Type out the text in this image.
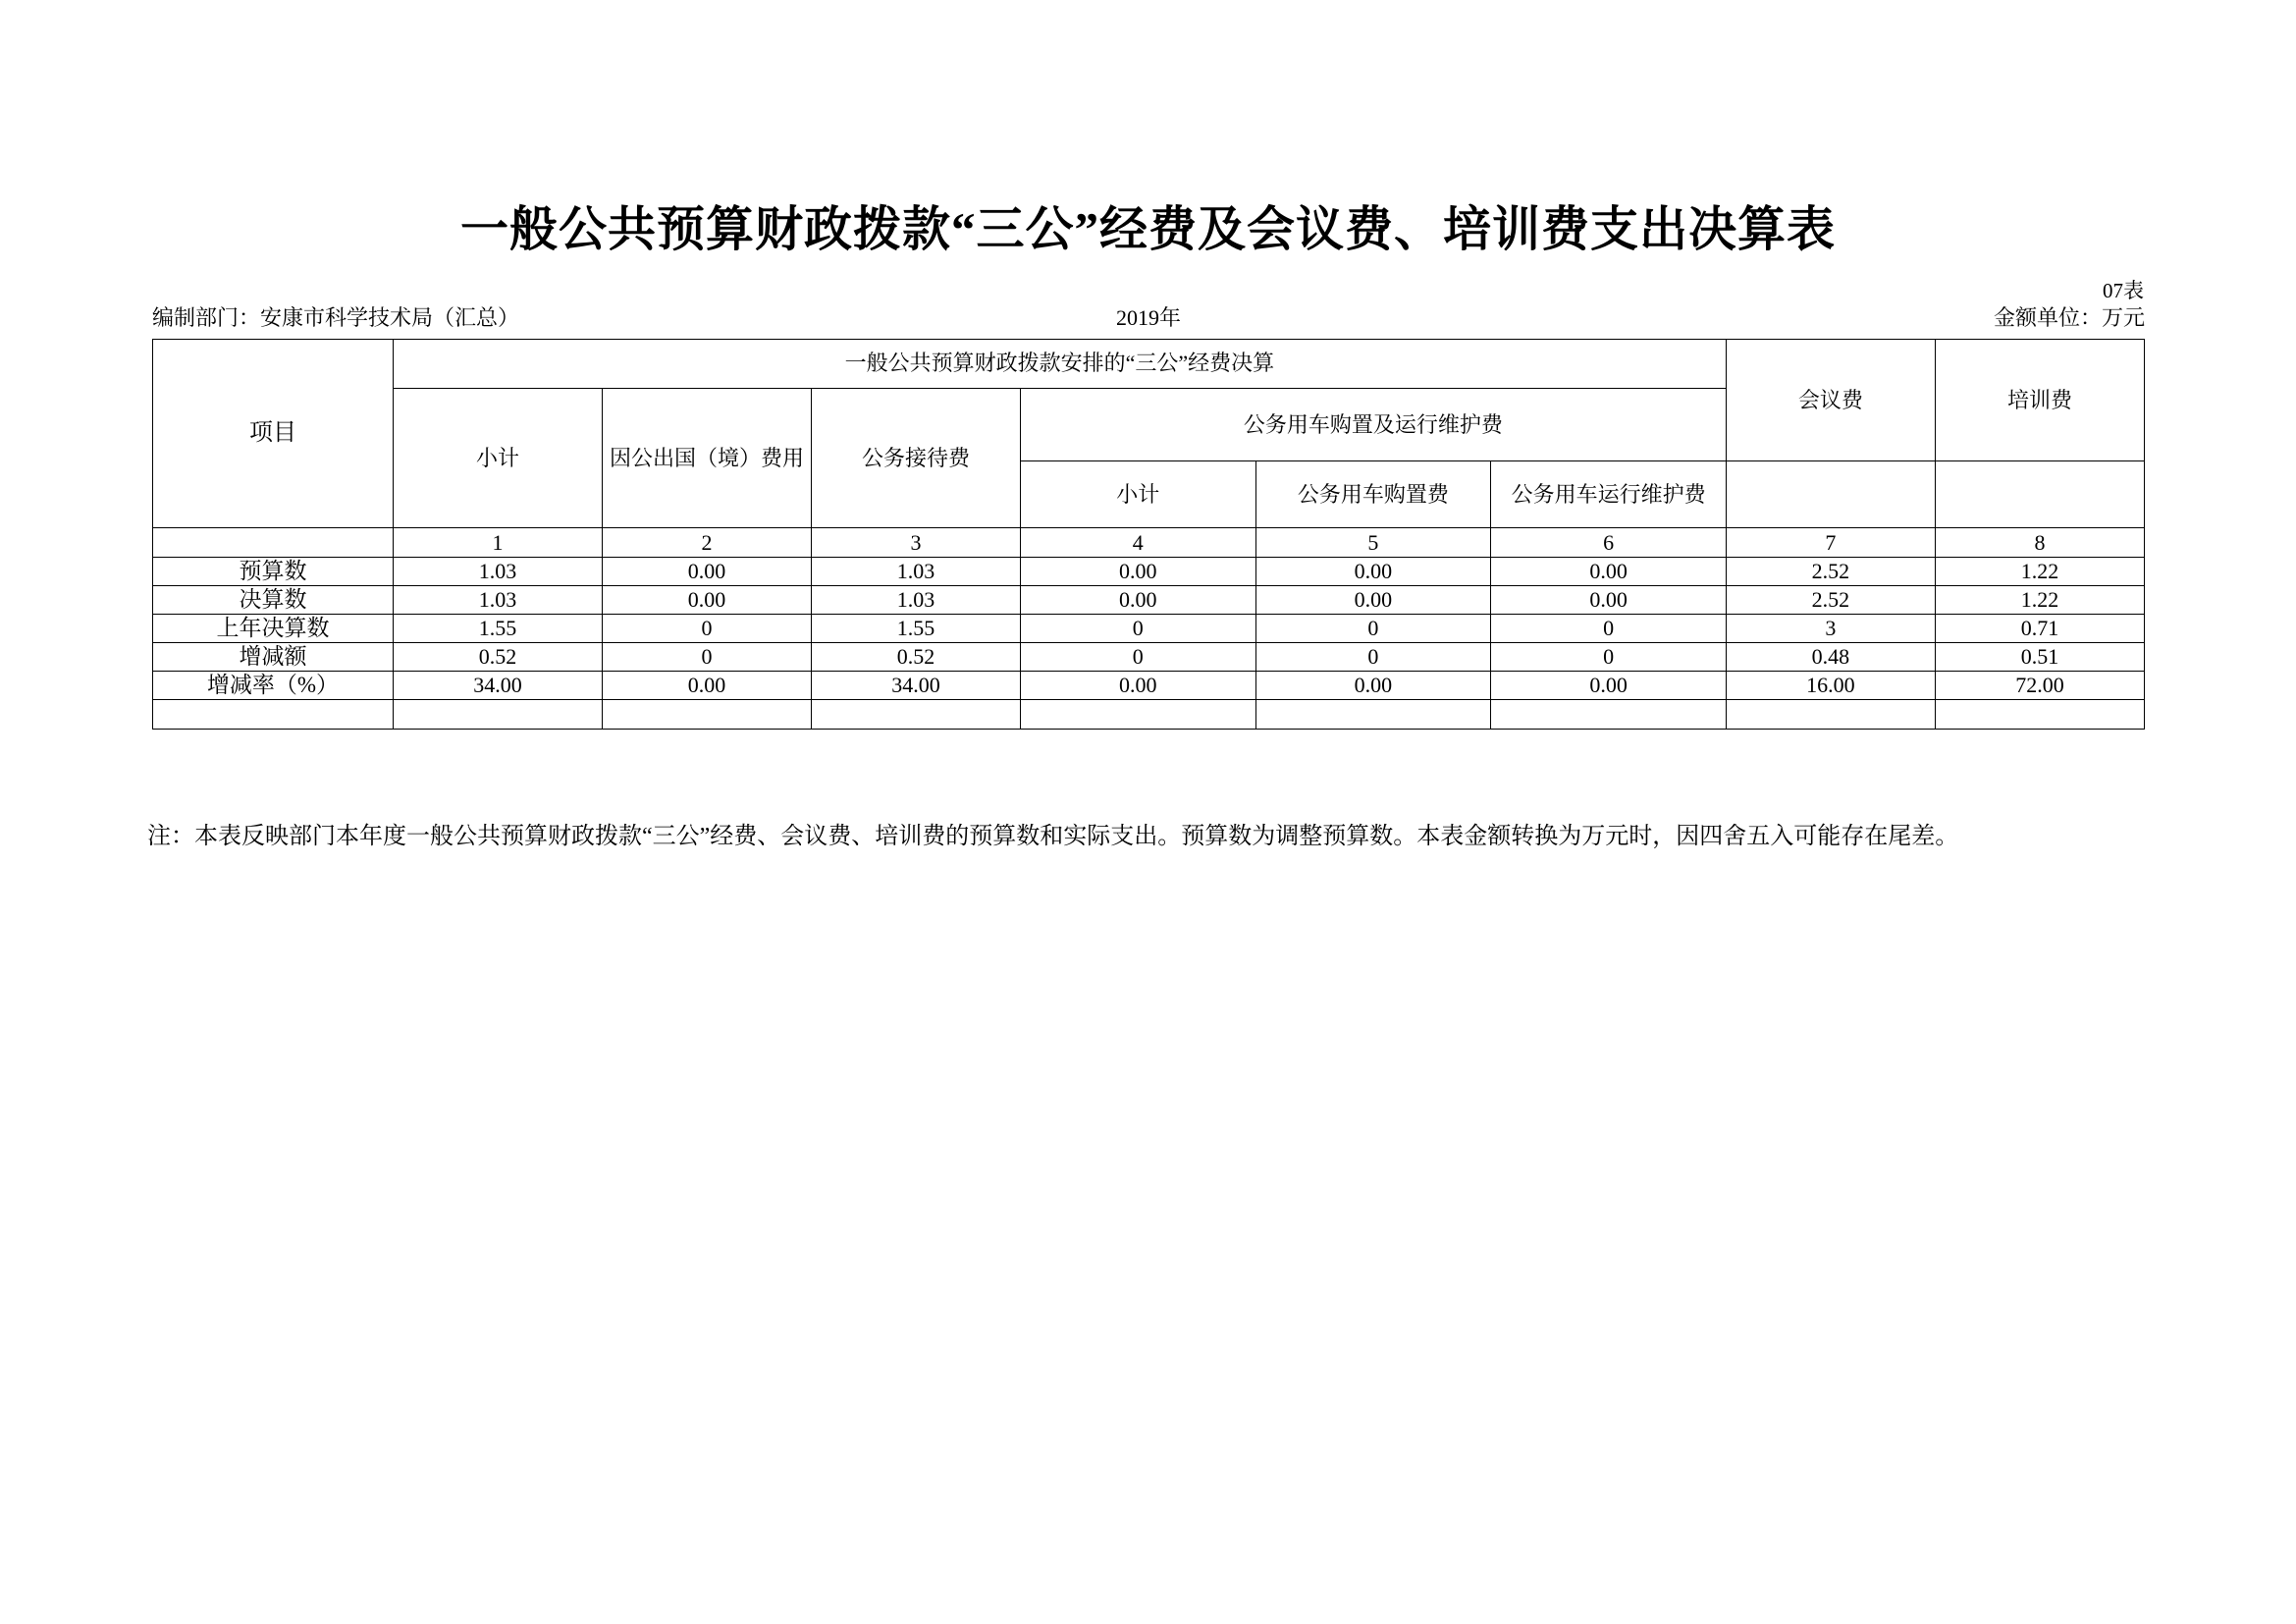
一般公共预算财政拨款“三公”经费及会议费、培训费支出决算表
07表
编制部门：安康市科学技术局（汇总）	2019年	金额单位：万元
项目	一般公共预算财政拨款安排的“三公”经费决算						会议费	培训费
	小计	因公出国（境）费用	公务接待费	公务用车购置及运行维护费				
				小计	公务用车购置费	公务用车运行维护费		
	1	2	3	4	5	6	7	8
预算数	1.03	0.00	1.03	0.00	0.00	0.00	2.52	1.22
决算数	1.03	0.00	1.03	0.00	0.00	0.00	2.52	1.22
上年决算数	1.55	0	1.55	0	0	0	3	0.71
增减额	0.52	0	0.52	0	0	0	0.48	0.51
增减率（%）	34.00	0.00	34.00	0.00	0.00	0.00	16.00	72.00

注：本表反映部门本年度一般公共预算财政拨款“三公”经费、会议费、培训费的预算数和实际支出。预算数为调整预算数。本表金额转换为万元时，因四舍五入可能存在尾差。
